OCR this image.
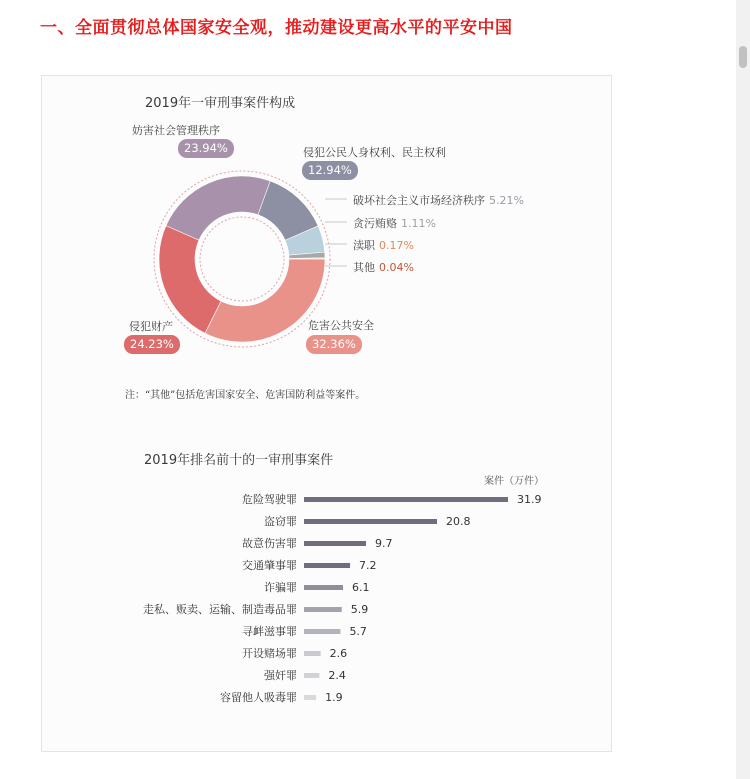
一、全面贯彻总体国家安全观，推动建设更高水平的平安中国
2019年一审刑事案件构成
妨害社会管理秩序
23.94%	侵犯公民人身权利、民主权利
12.94%
破坏社会主义市场经济秩序 5.21%
贪污贿赂 1.11%
渎职 0.17%
其他 0.04%
侵犯财产
24.23%
危害公共安全
32.36%
注：“其他”包括危害国家安全、危害国防利益等案件。
2019年排名前十的一审刑事案件
案件（万件）
危险驾驶罪	31.9
盗窃罪	20.8
故意伤害罪	9.7
交通肇事罪	7.2
诈骗罪	6.1
走私、贩卖、运输、制造毒品罪	5.9
寻衅滋事罪	5.7
开设赌场罪	2.6
强奸罪	2.4
容留他人吸毒罪	1.9
